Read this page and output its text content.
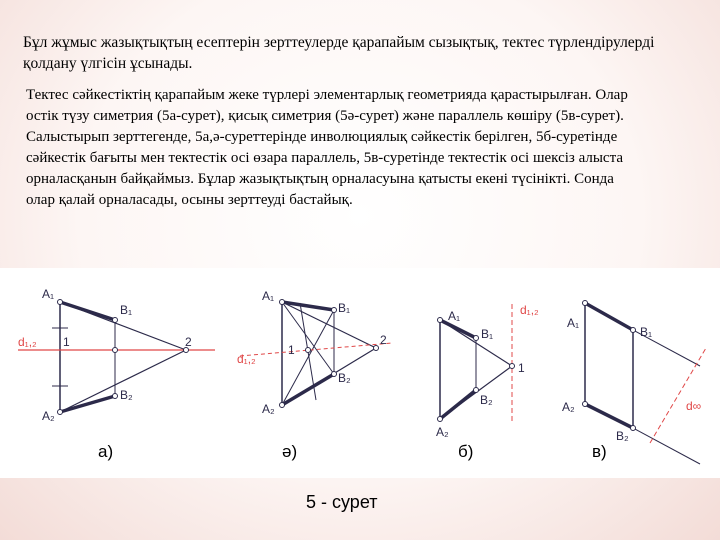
Бұл жұмыс жазықтықтың есептерін зерттеулерде қарапайым сызықтық, тектес түрлендірулерді қолдану үлгісін ұсынады.
Тектес сәйкестіктің қарапайым жеке түрлері элементарлық геометрияда қарастырылған. Олар остік түзу симетрия (5а-сурет), қисық симетрия (5ә-сурет) және параллель көшіру (5в-сурет). Салыстырып зерттегенде, 5а,ә-суреттерінде инволюциялық сәйкестік берілген, 5б-суретінде сәйкестік бағыты мен тектестік осі өзара параллель, 5в-суретінде тектестік осі шексіз алыста орналасқанын байқаймыз. Бұлар жазықтықтың орналасуына қатысты екені түсінікті. Сонда олар қалай орналасады, осыны зерттеуді бастайық.
A₁
A₂
B₁
B₂
d₁,₂ 1	2
A₁
A₂
B₁
B₂
d₁,₂
1
2
A₁
A₂
B₁
B₂
d₁,₂
1
A₁
A₂
B₁
B₂
d∞
а)	ә)	б)	в)
5 - сурет
